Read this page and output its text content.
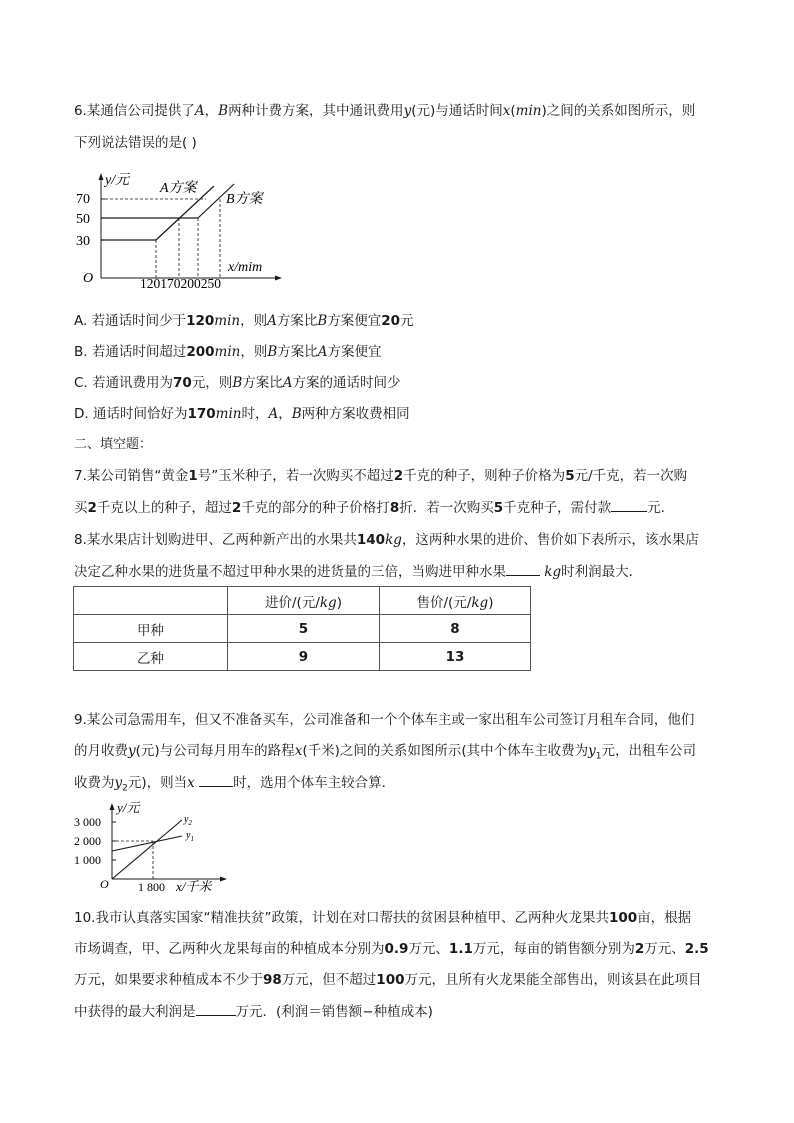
6.某通信公司提供了A，B两种计费方案，其中通讯费用y(元)与通话时间x(min)之间的关系如图所示，则
下列说法错误的是( )
y/元
x/mim
O
70
50
30
120170200250
A方案
B方案
A. 若通话时间少于120min，则A方案比B方案便宜20元
B. 若通话时间超过200min，则B方案比A方案便宜
C. 若通讯费用为70元，则B方案比A方案的通话时间少
D. 通话时间恰好为170min时，A，B两种方案收费相同
二、填空题：
7.某公司销售“黄金1号”玉米种子，若一次购买不超过2千克的种子，则种子价格为5元/千克，若一次购
买2千克以上的种子，超过2千克的部分的种子价格打8折．若一次购买5千克种子，需付款	元．
8.某水果店计划购进甲、乙两种新产出的水果共140kg，这两种水果的进价、售价如下表所示，该水果店
决定乙种水果的进货量不超过甲种水果的进货量的三倍，当购进甲种水果	kg时利润最大．
	进价/(元/kg)	售价/(元/kg)
甲种	5	8
乙种	9	13
9.某公司急需用车，但又不准备买车，公司准备和一个个体车主或一家出租车公司签订月租车合同，他们
的月收费y(元)与公司每月用车的路程x(千米)之间的关系如图所示(其中个体车主收费为$y_1$元，出租车公司
收费为$y_2$元)，则当x	时，选用个体车主较合算．
y/元
x/千米
O
3 000
2 000
1 000
1 800
$y_2$
$y_1$
10.我市认真落实国家“精准扶贫”政策，计划在对口帮扶的贫困县种植甲、乙两种火龙果共100亩，根据
市场调查，甲、乙两种火龙果每亩的种植成本分别为0.9万元、1.1万元，每亩的销售额分别为2万元、2.5
万元，如果要求种植成本不少于98万元，但不超过100万元，且所有火龙果能全部售出，则该县在此项目
中获得的最大利润是	万元．(利润＝销售额−种植成本)
